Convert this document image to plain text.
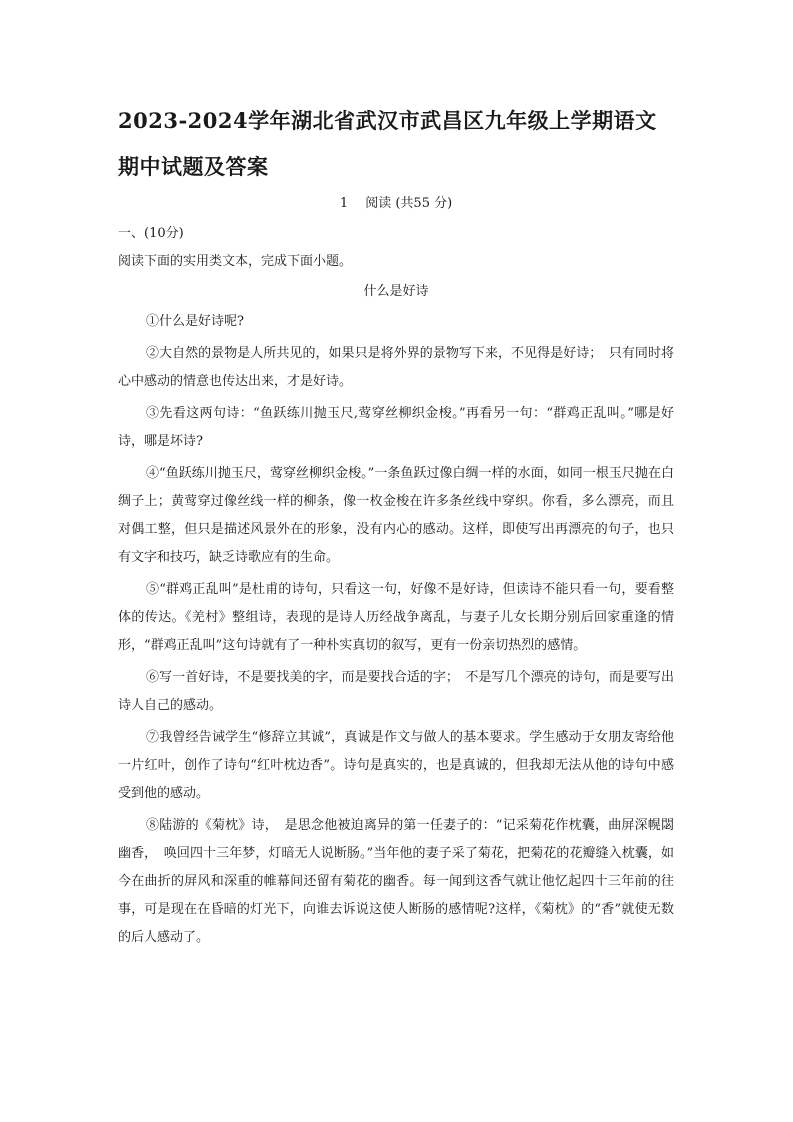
2023-2024学年湖北省武汉市武昌区九年级上学期语文期中试题及答案
1　 阅读 (共55 分)

一、(10分)

阅读下面的实用类文本，完成下面小题。

什么是好诗

①什么是好诗呢?

②大自然的景物是人所共见的，如果只是将外界的景物写下来，不见得是好诗；　只有同时将心中感动的情意也传达出来，才是好诗。

③先看这两句诗：“鱼跃练川抛玉尺,莺穿丝柳织金梭。”再看另一句：“群鸡正乱叫。”哪是好诗，哪是坏诗?

④“鱼跃练川抛玉尺，莺穿丝柳织金梭。”一条鱼跃过像白绸一样的水面，如同一根玉尺抛在白绸子上；黄莺穿过像丝线一样的柳条，像一枚金梭在许多条丝线中穿织。你看，多么漂亮，而且对偶工整，但只是描述风景外在的形象，没有内心的感动。这样，即使写出再漂亮的句子，也只有文字和技巧，缺乏诗歌应有的生命。

⑤“群鸡正乱叫”是杜甫的诗句，只看这一句，好像不是好诗，但读诗不能只看一句，要看整体的传达。《羌村》整组诗，表现的是诗人历经战争离乱，与妻子儿女长期分别后回家重逢的情形，“群鸡正乱叫”这句诗就有了一种朴实真切的叙写，更有一份亲切热烈的感情。

⑥写一首好诗，不是要找美的字，而是要找合适的字；　不是写几个漂亮的诗句，而是要写出诗人自己的感动。

⑦我曾经告诫学生“修辞立其诚”，真诚是作文与做人的基本要求。学生感动于女朋友寄给他一片红叶，创作了诗句“红叶枕边香”。诗句是真实的，也是真诚的，但我却无法从他的诗句中感受到他的感动。

⑧陆游的《菊枕》诗，　是思念他被迫离异的第一任妻子的：“记采菊花作枕囊，曲屏深幌閟幽香，　唤回四十三年梦，灯暗无人说断肠。”当年他的妻子采了菊花，把菊花的花瓣缝入枕囊，如今在曲折的屏风和深重的帷幕间还留有菊花的幽香。每一闻到这香气就让他忆起四十三年前的往事，可是现在在昏暗的灯光下，向谁去诉说这使人断肠的感情呢?这样，《菊枕》的“香”就使无数的后人感动了。
